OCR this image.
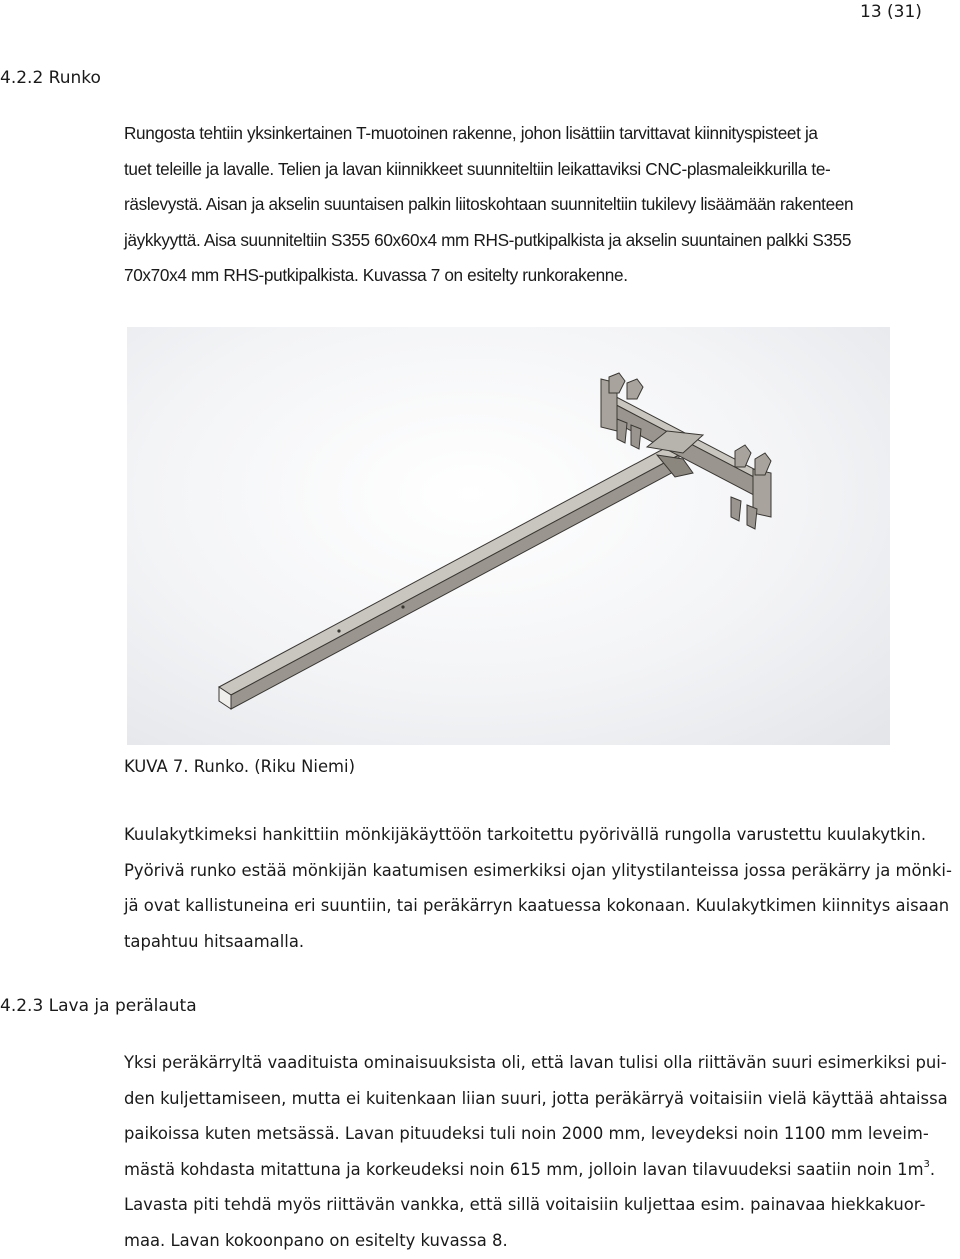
13 (31)
4.2.2 Runko
Rungosta tehtiin yksinkertainen T-muotoinen rakenne, johon lisättiin tarvittavat kiinnityspisteet ja
tuet teleille ja lavalle. Telien ja lavan kiinnikkeet suunniteltiin leikattaviksi CNC-plasmaleikkurilla te-
räslevystä. Aisan ja akselin suuntaisen palkin liitoskohtaan suunniteltiin tukilevy lisäämään rakenteen
jäykkyyttä. Aisa suunniteltiin S355 60x60x4 mm RHS-putkipalkista ja akselin suuntainen palkki S355
70x70x4 mm RHS-putkipalkista. Kuvassa 7 on esitelty runkorakenne.
KUVA 7. Runko. (Riku Niemi)
Kuulakytkimeksi hankittiin mönkijäkäyttöön tarkoitettu pyörivällä rungolla varustettu kuulakytkin.
Pyörivä runko estää mönkijän kaatumisen esimerkiksi ojan ylitystilanteissa jossa peräkärry ja mönki-
jä ovat kallistuneina eri suuntiin, tai peräkärryn kaatuessa kokonaan. Kuulakytkimen kiinnitys aisaan
tapahtuu hitsaamalla.
4.2.3 Lava ja perälauta
Yksi peräkärryltä vaadituista ominaisuuksista oli, että lavan tulisi olla riittävän suuri esimerkiksi pui-
den kuljettamiseen, mutta ei kuitenkaan liian suuri, jotta peräkärryä voitaisiin vielä käyttää ahtaissa
paikoissa kuten metsässä. Lavan pituudeksi tuli noin 2000 mm, leveydeksi noin 1100 mm leveim-
mästä kohdasta mitattuna ja korkeudeksi noin 615 mm, jolloin lavan tilavuudeksi saatiin noin $1m^3$.
Lavasta piti tehdä myös riittävän vankka, että sillä voitaisiin kuljettaa esim. painavaa hiekkakuor-
maa. Lavan kokoonpano on esitelty kuvassa 8.
